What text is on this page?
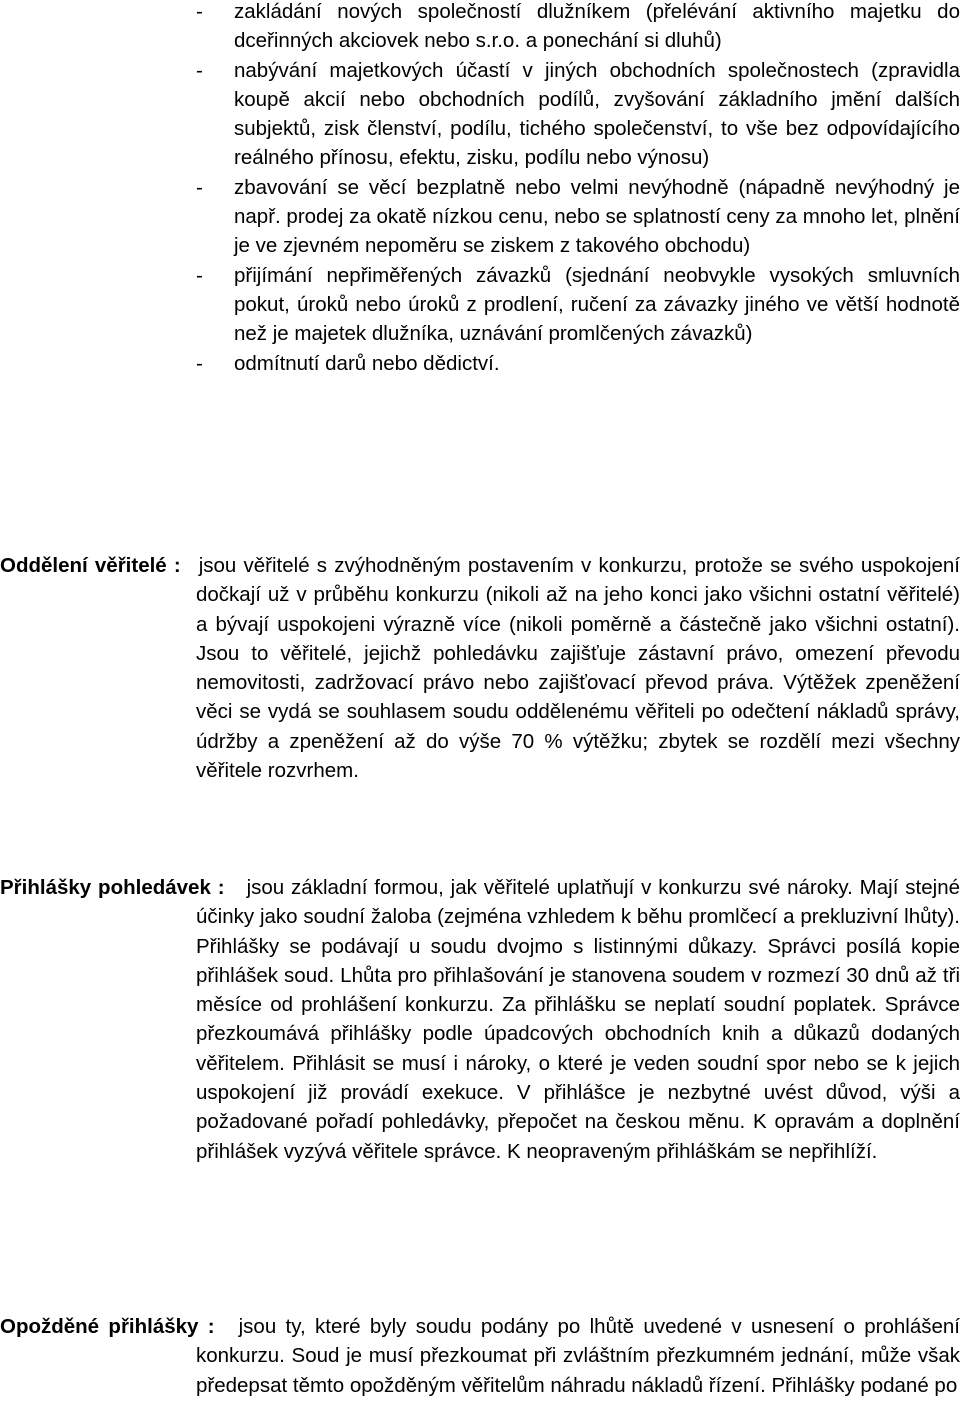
- zakládání nových společností dlužníkem (přelévání aktivního majetku do dceřinných akciovek nebo s.r.o. a ponechání si dluhů)
- nabývání majetkových účastí v jiných obchodních společnostech (zpravidla koupě akcií nebo obchodních podílů, zvyšování základního jmění dalších subjektů, zisk členství, podílu, tichého společenství, to vše bez odpovídajícího reálného přínosu, efektu, zisku, podílu nebo výnosu)
- zbavování se věcí bezplatně nebo velmi nevýhodně (nápadně nevýhodný je např. prodej za okatě nízkou cenu, nebo se splatností ceny za mnoho let, plnění je ve zjevném nepoměru se ziskem z takového obchodu)
- přijímání nepřiměřených závazků (sjednání neobvykle vysokých smluvních pokut, úroků nebo úroků z prodlení, ručení za závazky jiného ve větší hodnotě než je majetek dlužníka, uznávání promlčených závazků)
- odmítnutí darů nebo dědictví.

Oddělení věřitelé : jsou věřitelé s zvýhodněným postavením v konkurzu, protože se svého uspokojení dočkají už v průběhu konkurzu (nikoli až na jeho konci jako všichni ostatní věřitelé) a bývají uspokojeni výrazně více (nikoli poměrně a částečně jako všichni ostatní). Jsou to věřitelé, jejichž pohledávku zajišťuje zástavní právo, omezení převodu nemovitosti, zadržovací právo nebo zajišťovací převod práva. Výtěžek zpeněžení věci se vydá se souhlasem soudu oddělenému věřiteli po odečtení nákladů správy, údržby a zpeněžení až do výše 70 % výtěžku; zbytek se rozdělí mezi všechny věřitele rozvrhem.

Přihlášky pohledávek : jsou základní formou, jak věřitelé uplatňují v konkurzu své nároky. Mají stejné účinky jako soudní žaloba (zejména vzhledem k běhu promlčecí a prekluzivní lhůty). Přihlášky se podávají u soudu dvojmo s listinnými důkazy. Správci posílá kopie přihlášek soud. Lhůta pro přihlašování je stanovena soudem v rozmezí 30 dnů až tři měsíce od prohlášení konkurzu. Za přihlášku se neplatí soudní poplatek. Správce přezkoumává přihlášky podle úpadcových obchodních knih a důkazů dodaných věřitelem. Přihlásit se musí i nároky, o které je veden soudní spor nebo se k jejich uspokojení již provádí exekuce. V přihlášce je nezbytné uvést důvod, výši a požadované pořadí pohledávky, přepočet na českou měnu. K opravám a doplnění přihlášek vyzývá věřitele správce. K neopraveným přihláškám se nepřihlíží.

Opožděné přihlášky : jsou ty, které byly soudu podány po lhůtě uvedené v usnesení o prohlášení konkurzu. Soud je musí přezkoumat při zvláštním přezkumném jednání, může však předepsat těmto opožděným věřitelům náhradu nákladů řízení. Přihlášky podané po
